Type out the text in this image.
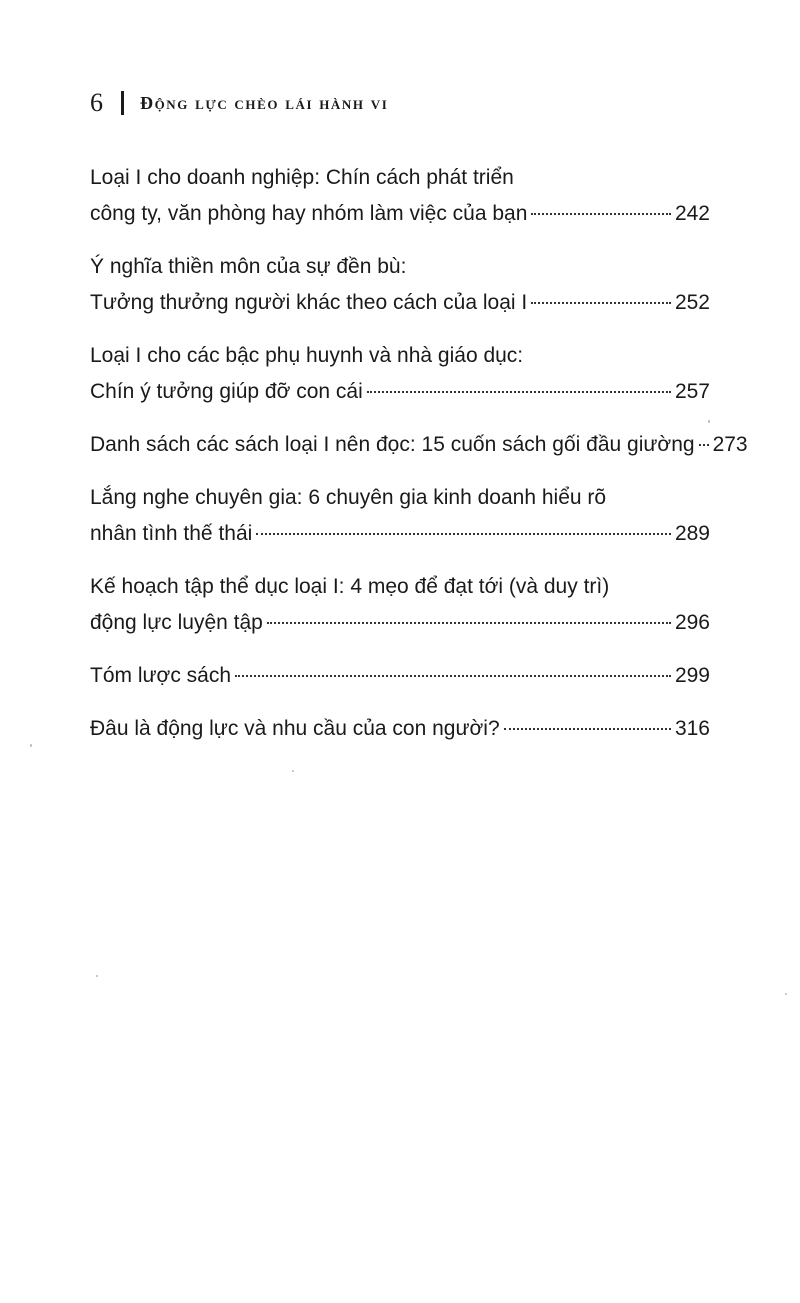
6 Động lực chèo lái hành vi
Loại I cho doanh nghiệp: Chín cách phát triển
công ty, văn phòng hay nhóm làm việc của bạn	242
Ý nghĩa thiền môn của sự đền bù:
Tưởng thưởng người khác theo cách của loại I	252
Loại I cho các bậc phụ huynh và nhà giáo dục:
Chín ý tưởng giúp đỡ con cái	257
Danh sách các sách loại I nên đọc: 15 cuốn sách gối đầu giường 273
Lắng nghe chuyên gia: 6 chuyên gia kinh doanh hiểu rõ
nhân tình thế thái	289
Kế hoạch tập thể dục loại I: 4 mẹo để đạt tới (và duy trì)
động lực luyện tập	296
Tóm lược sách	299
Đâu là động lực và nhu cầu của con người?	316
